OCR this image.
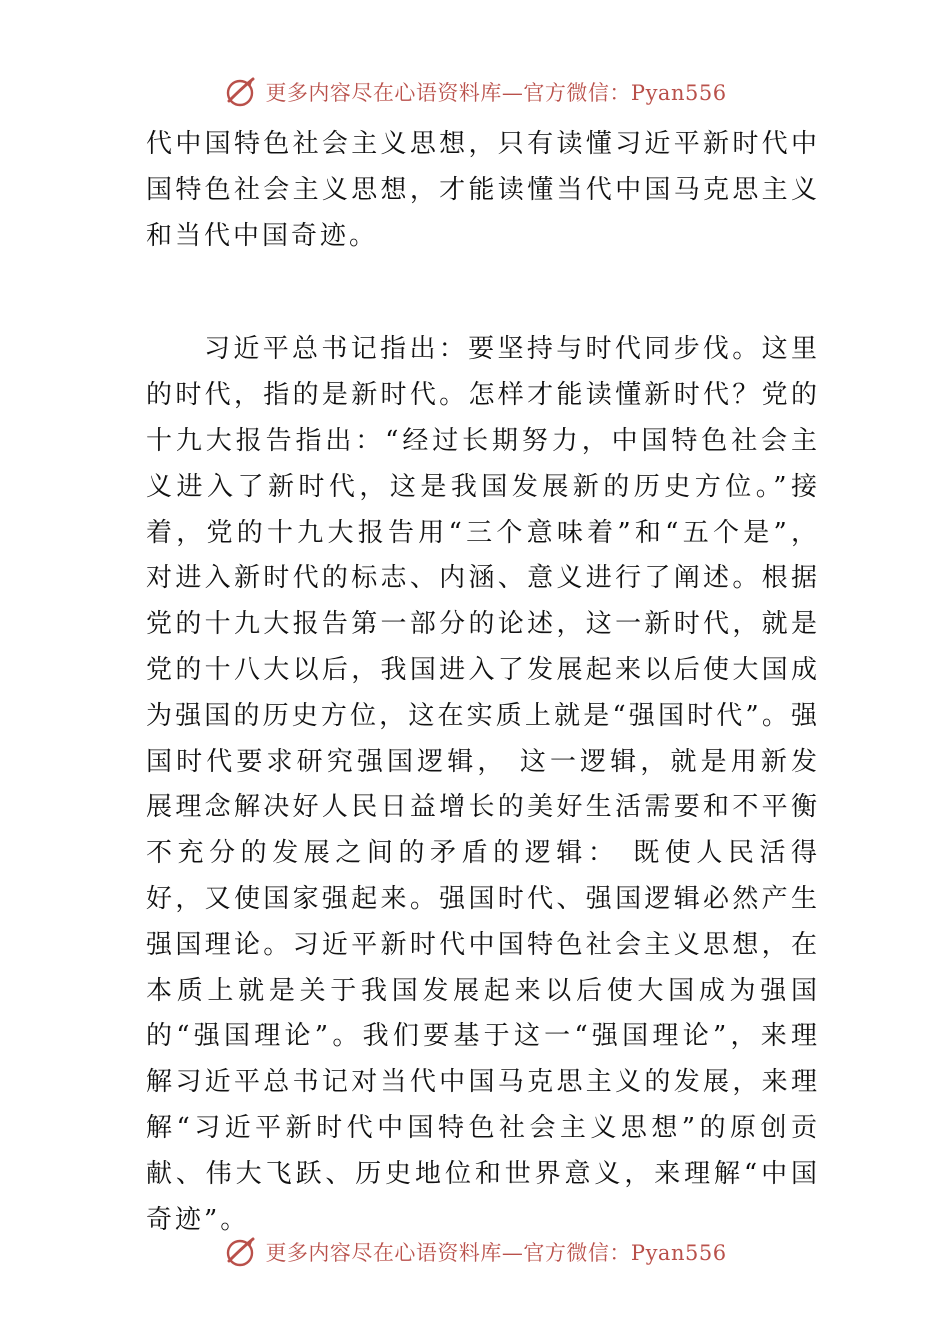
更多内容尽在心语资料库—官方微信：Pyan556

代中国特色社会主义思想，只有读懂习近平新时代中国特色社会主义思想，才能读懂当代中国马克思主义和当代中国奇迹。

习近平总书记指出：要坚持与时代同步伐。这里的时代，指的是新时代。怎样才能读懂新时代？党的十九大报告指出：“经过长期努力，中国特色社会主义进入了新时代，这是我国发展新的历史方位。”接着，党的十九大报告用“三个意味着”和“五个是”，对进入新时代的标志、内涵、意义进行了阐述。根据党的十九大报告第一部分的论述，这一新时代，就是党的十八大以后，我国进入了发展起来以后使大国成为强国的历史方位，这在实质上就是“强国时代”。强国时代要求研究强国逻辑， 这一逻辑，就是用新发展理念解决好人民日益增长的美好生活需要和不平衡不充分的发展之间的矛盾的逻辑： 既使人民活得好，又使国家强起来。强国时代、强国逻辑必然产生强国理论。习近平新时代中国特色社会主义思想，在本质上就是关于我国发展起来以后使大国成为强国的“强国理论”。我们要基于这一“强国理论”，来理解习近平总书记对当代中国马克思主义的发展，来理解“习近平新时代中国特色社会主义思想”的原创贡献、伟大飞跃、历史地位和世界意义，来理解“中国奇迹”。

更多内容尽在心语资料库—官方微信：Pyan556
